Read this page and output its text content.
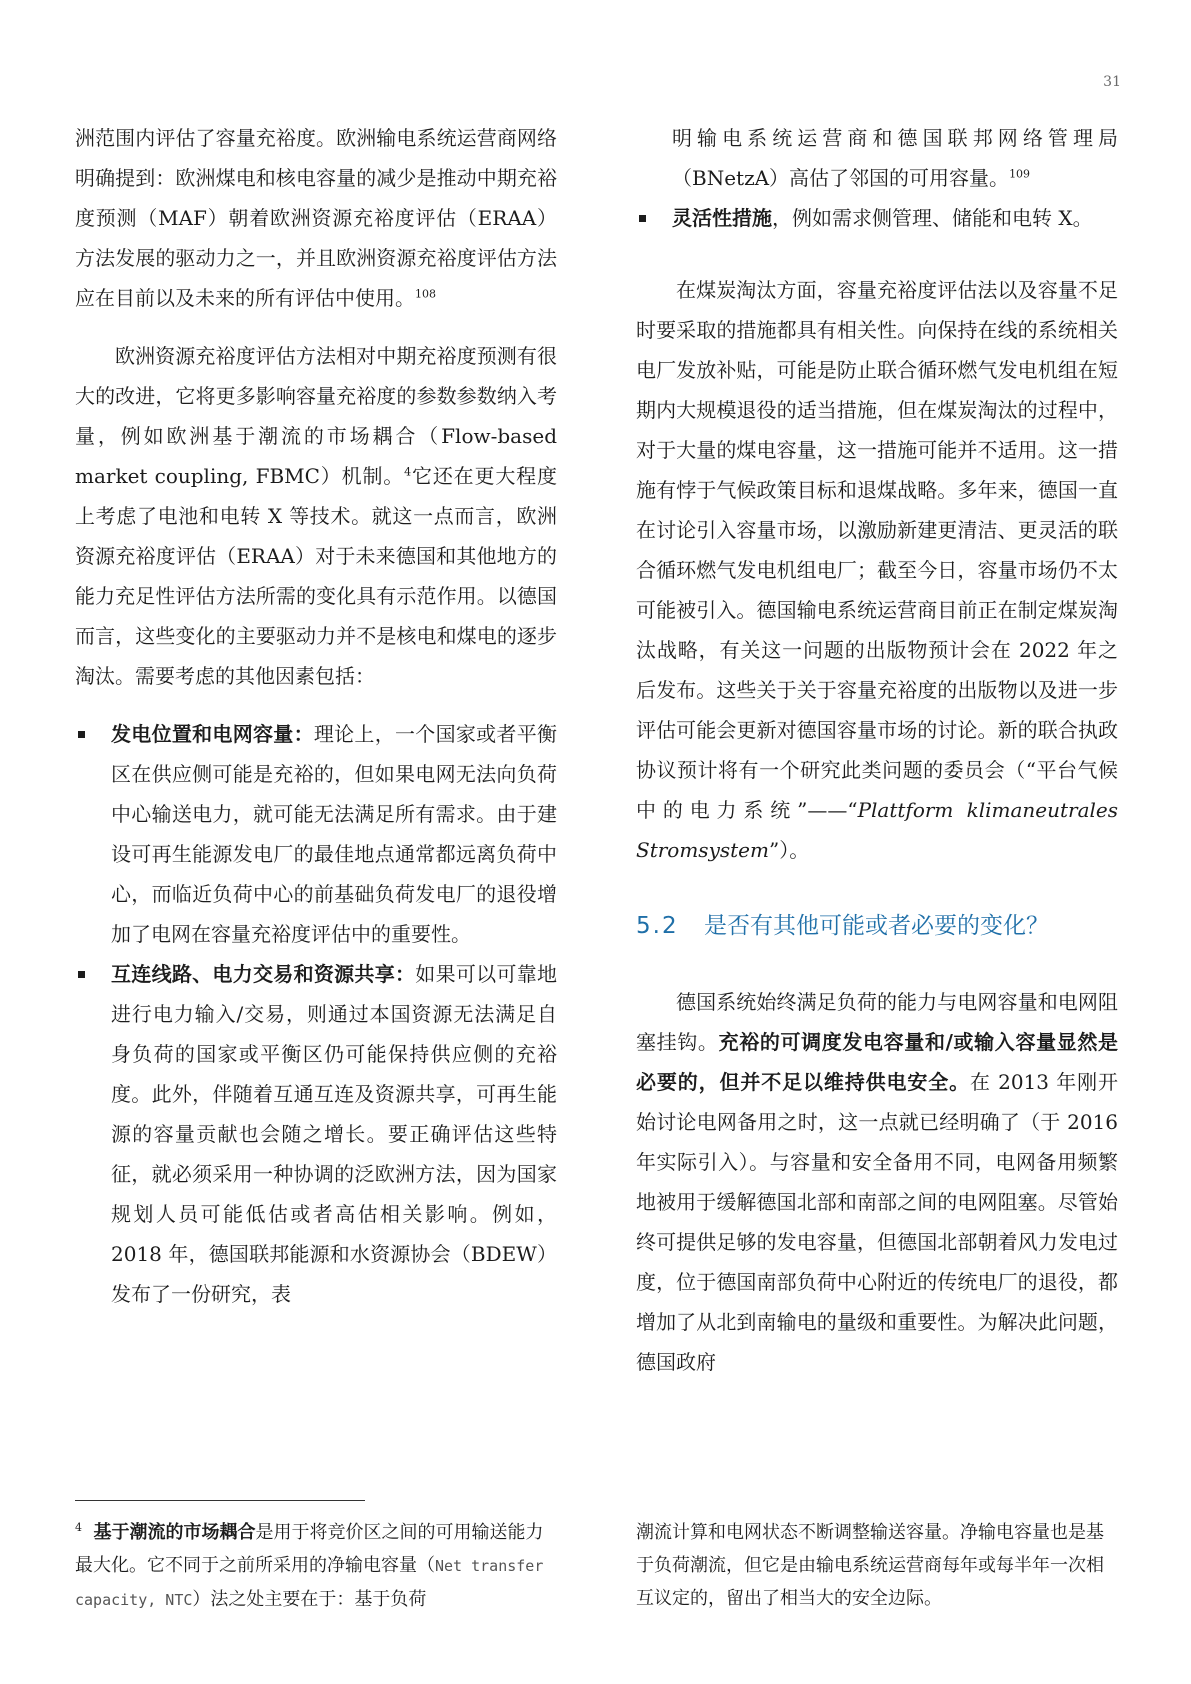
31

洲范围内评估了容量充裕度。欧洲输电系统运营商网络明确提到：欧洲煤电和核电容量的减少是推动中期充裕度预测（MAF）朝着欧洲资源充裕度评估（ERAA）方法发展的驱动力之一，并且欧洲资源充裕度评估方法应在目前以及未来的所有评估中使用。$^{108}$

欧洲资源充裕度评估方法相对中期充裕度预测有很大的改进，它将更多影响容量充裕度的参数参数纳入考量，例如欧洲基于潮流的市场耦合（Flow-based market coupling, FBMC）机制。$^4$它还在更大程度上考虑了电池和电转 X 等技术。就这一点而言，欧洲资源充裕度评估（ERAA）对于未来德国和其他地方的能力充足性评估方法所需的变化具有示范作用。以德国而言，这些变化的主要驱动力并不是核电和煤电的逐步淘汰。需要考虑的其他因素包括：

发电位置和电网容量：理论上，一个国家或者平衡区在供应侧可能是充裕的，但如果电网无法向负荷中心输送电力，就可能无法满足所有需求。由于建设可再生能源发电厂的最佳地点通常都远离负荷中心，而临近负荷中心的前基础负荷发电厂的退役增加了电网在容量充裕度评估中的重要性。
互连线路、电力交易和资源共享：如果可以可靠地进行电力输入/交易，则通过本国资源无法满足自身负荷的国家或平衡区仍可能保持供应侧的充裕度。此外，伴随着互通互连及资源共享，可再生能源的容量贡献也会随之增长。要正确评估这些特征，就必须采用一种协调的泛欧洲方法，因为国家规划人员可能低估或者高估相关影响。例如，2018 年，德国联邦能源和水资源协会（BDEW）发布了一份研究，表

明输电系统运营商和德国联邦网络管理局（BNetzA）高估了邻国的可用容量。$^{109}$

灵活性措施，例如需求侧管理、储能和电转 X。

在煤炭淘汰方面，容量充裕度评估法以及容量不足时要采取的措施都具有相关性。向保持在线的系统相关电厂发放补贴，可能是防止联合循环燃气发电机组在短期内大规模退役的适当措施，但在煤炭淘汰的过程中，对于大量的煤电容量，这一措施可能并不适用。这一措施有悖于气候政策目标和退煤战略。多年来，德国一直在讨论引入容量市场，以激励新建更清洁、更灵活的联合循环燃气发电机组电厂；截至今日，容量市场仍不太可能被引入。德国输电系统运营商目前正在制定煤炭淘汰战略，有关这一问题的出版物预计会在 2022 年之后发布。这些关于关于容量充裕度的出版物以及进一步评估可能会更新对德国容量市场的讨论。新的联合执政协议预计将有一个研究此类问题的委员会（“平台气候中的电力系统”——“Plattform klimaneutrales Stromsystem”）。

5.2 是否有其他可能或者必要的变化？

德国系统始终满足负荷的能力与电网容量和电网阻塞挂钩。充裕的可调度发电容量和/或输入容量显然是必要的，但并不足以维持供电安全。在 2013 年刚开始讨论电网备用之时，这一点就已经明确了（于 2016 年实际引入）。与容量和安全备用不同，电网备用频繁地被用于缓解德国北部和南部之间的电网阻塞。尽管始终可提供足够的发电容量，但德国北部朝着风力发电过度，位于德国南部负荷中心附近的传统电厂的退役，都增加了从北到南输电的量级和重要性。为解决此问题，德国政府

$^4$ 基于潮流的市场耦合是用于将竞价区之间的可用输送能力最大化。它不同于之前所采用的净输电容量（Net transfer capacity, NTC）法之处主要在于：基于负荷
潮流计算和电网状态不断调整输送容量。净输电容量也是基于负荷潮流，但它是由输电系统运营商每年或每半年一次相互议定的，留出了相当大的安全边际。
